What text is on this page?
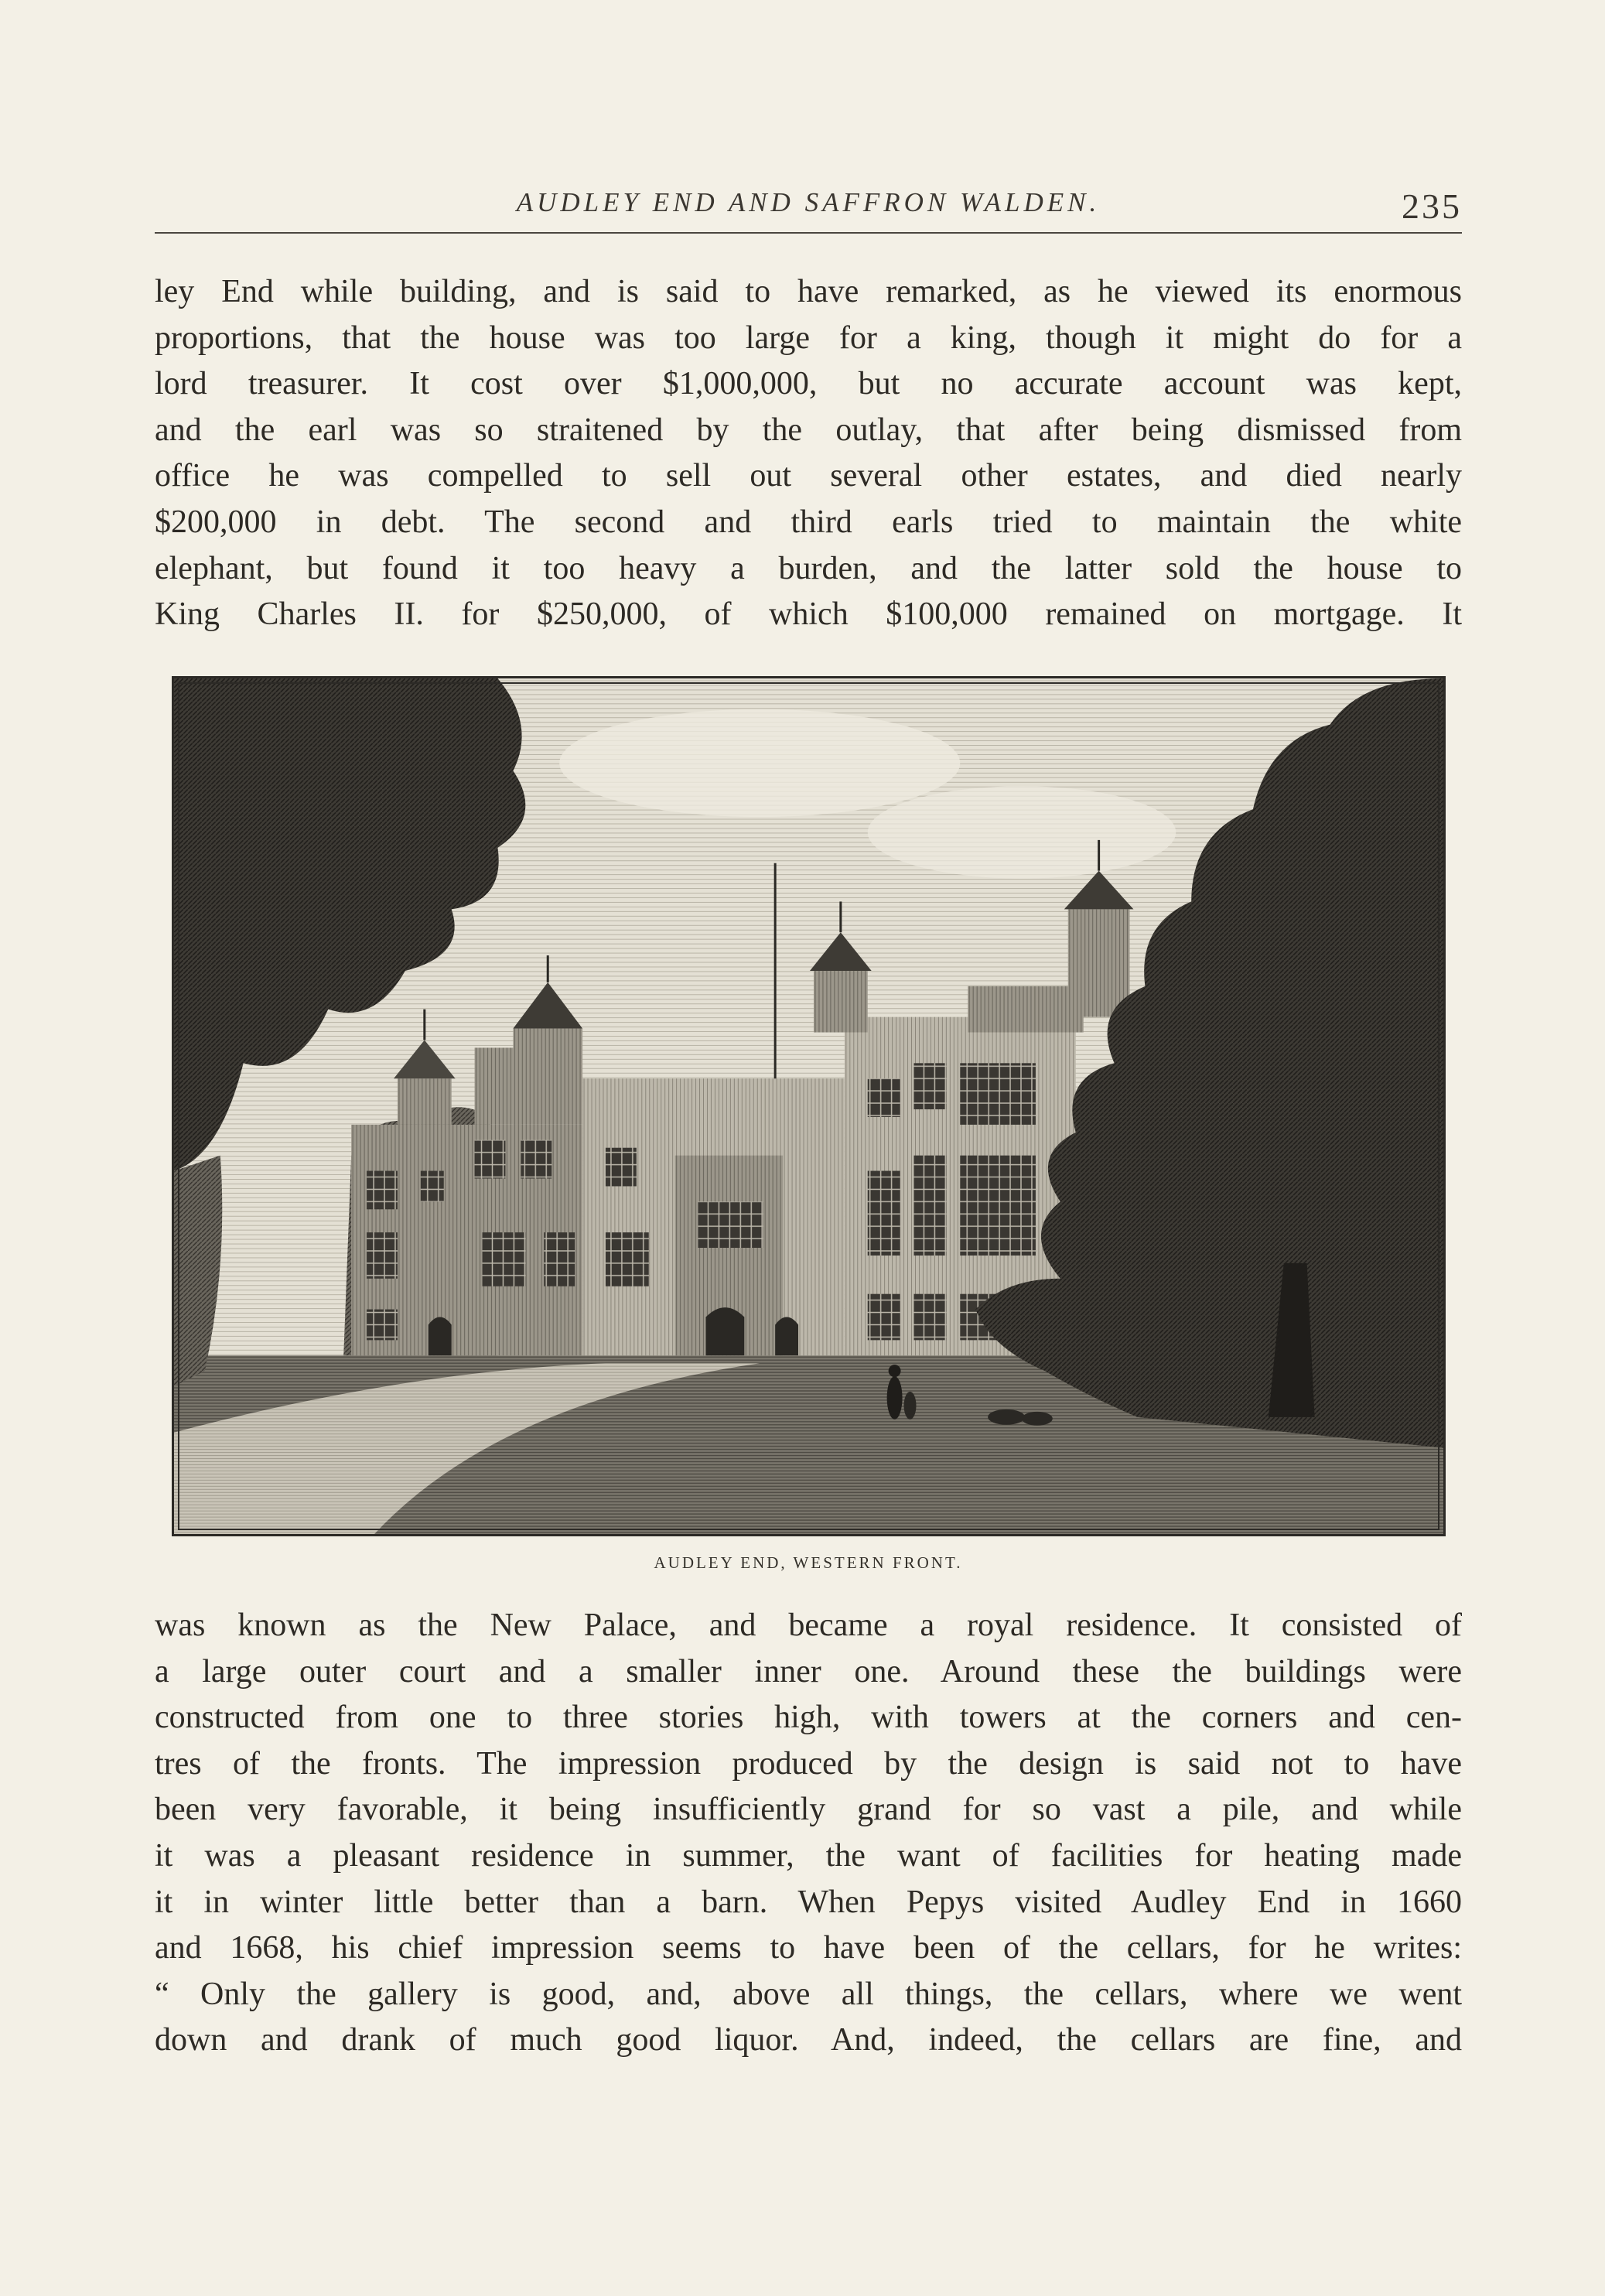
AUDLEY END AND SAFFRON WALDEN.	235
ley End while building, and is said to have remarked, as he viewed its enormous
proportions, that the house was too large for a king, though it might do for a
lord treasurer. It cost over $1,000,000, but no accurate account was kept,
and the earl was so straitened by the outlay, that after being dismissed from
office he was compelled to sell out several other estates, and died nearly
$200,000 in debt. The second and third earls tried to maintain the white
elephant, but found it too heavy a burden, and the latter sold the house to
King Charles II. for $250,000, of which $100,000 remained on mortgage. It
AUDLEY END, WESTERN FRONT.
was known as the New Palace, and became a royal residence. It consisted of
a large outer court and a smaller inner one. Around these the buildings were
constructed from one to three stories high, with towers at the corners and cen-
tres of the fronts. The impression produced by the design is said not to have
been very favorable, it being insufficiently grand for so vast a pile, and while
it was a pleasant residence in summer, the want of facilities for heating made
it in winter little better than a barn. When Pepys visited Audley End in 1660
and 1668, his chief impression seems to have been of the cellars, for he writes:
“ Only the gallery is good, and, above all things, the cellars, where we went
down and drank of much good liquor. And, indeed, the cellars are fine, and
